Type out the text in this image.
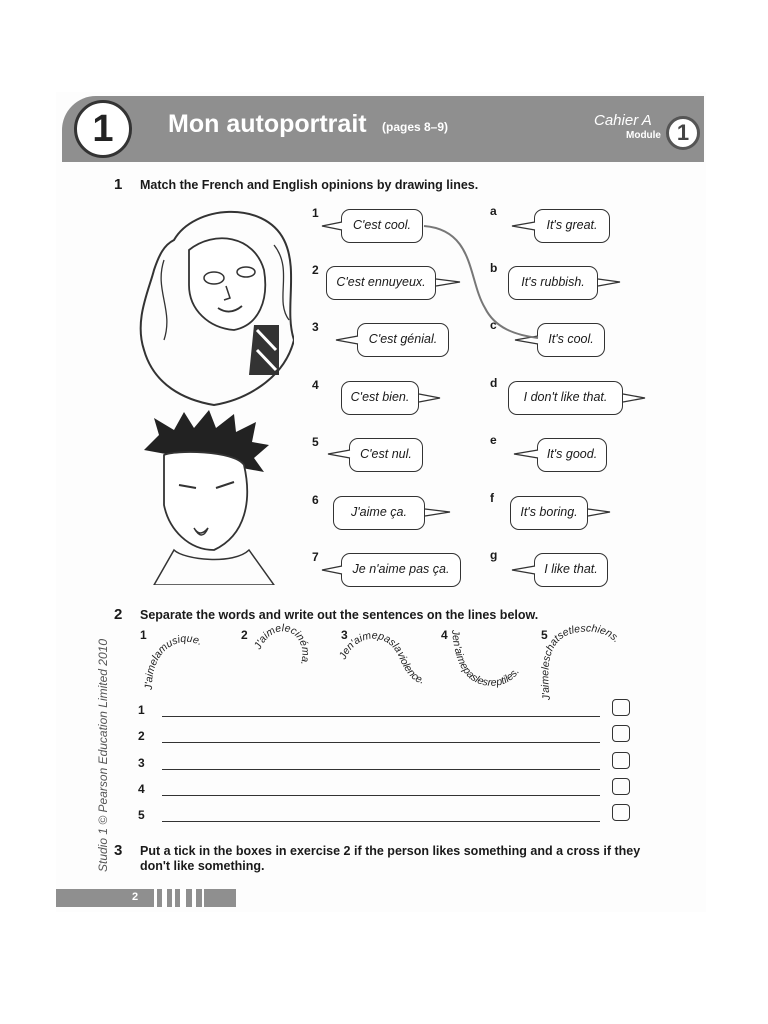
1	Mon autoportrait (pages 8–9)	Cahier A
Module 1
1 Match the French and English opinions by drawing lines.
1
C'est cool.
2
C'est ennuyeux.
3
C'est génial.
4
C'est bien.
5
C'est nul.
6
J'aime ça.
7
Je n'aime pas ça.
a
It's great.
b
It's rubbish.
c
It's cool.
d
I don't like that.
e
It's good.
f
It's boring.
g
I like that.
2 Separate the words and write out the sentences on the lines below.
1	2	3	4	5
J'aimelamusique.	J'aimelecinéma.
Jen'aimepaslaviolence.
Jen'aimepaslesreptiles.
J'aimeleschatsetleschiens.
1
2
3
4
5
3 Put a tick in the boxes in exercise 2 if the person likes something and a cross if they
don't like something.
2
Studio 1 © Pearson Education Limited 2010
